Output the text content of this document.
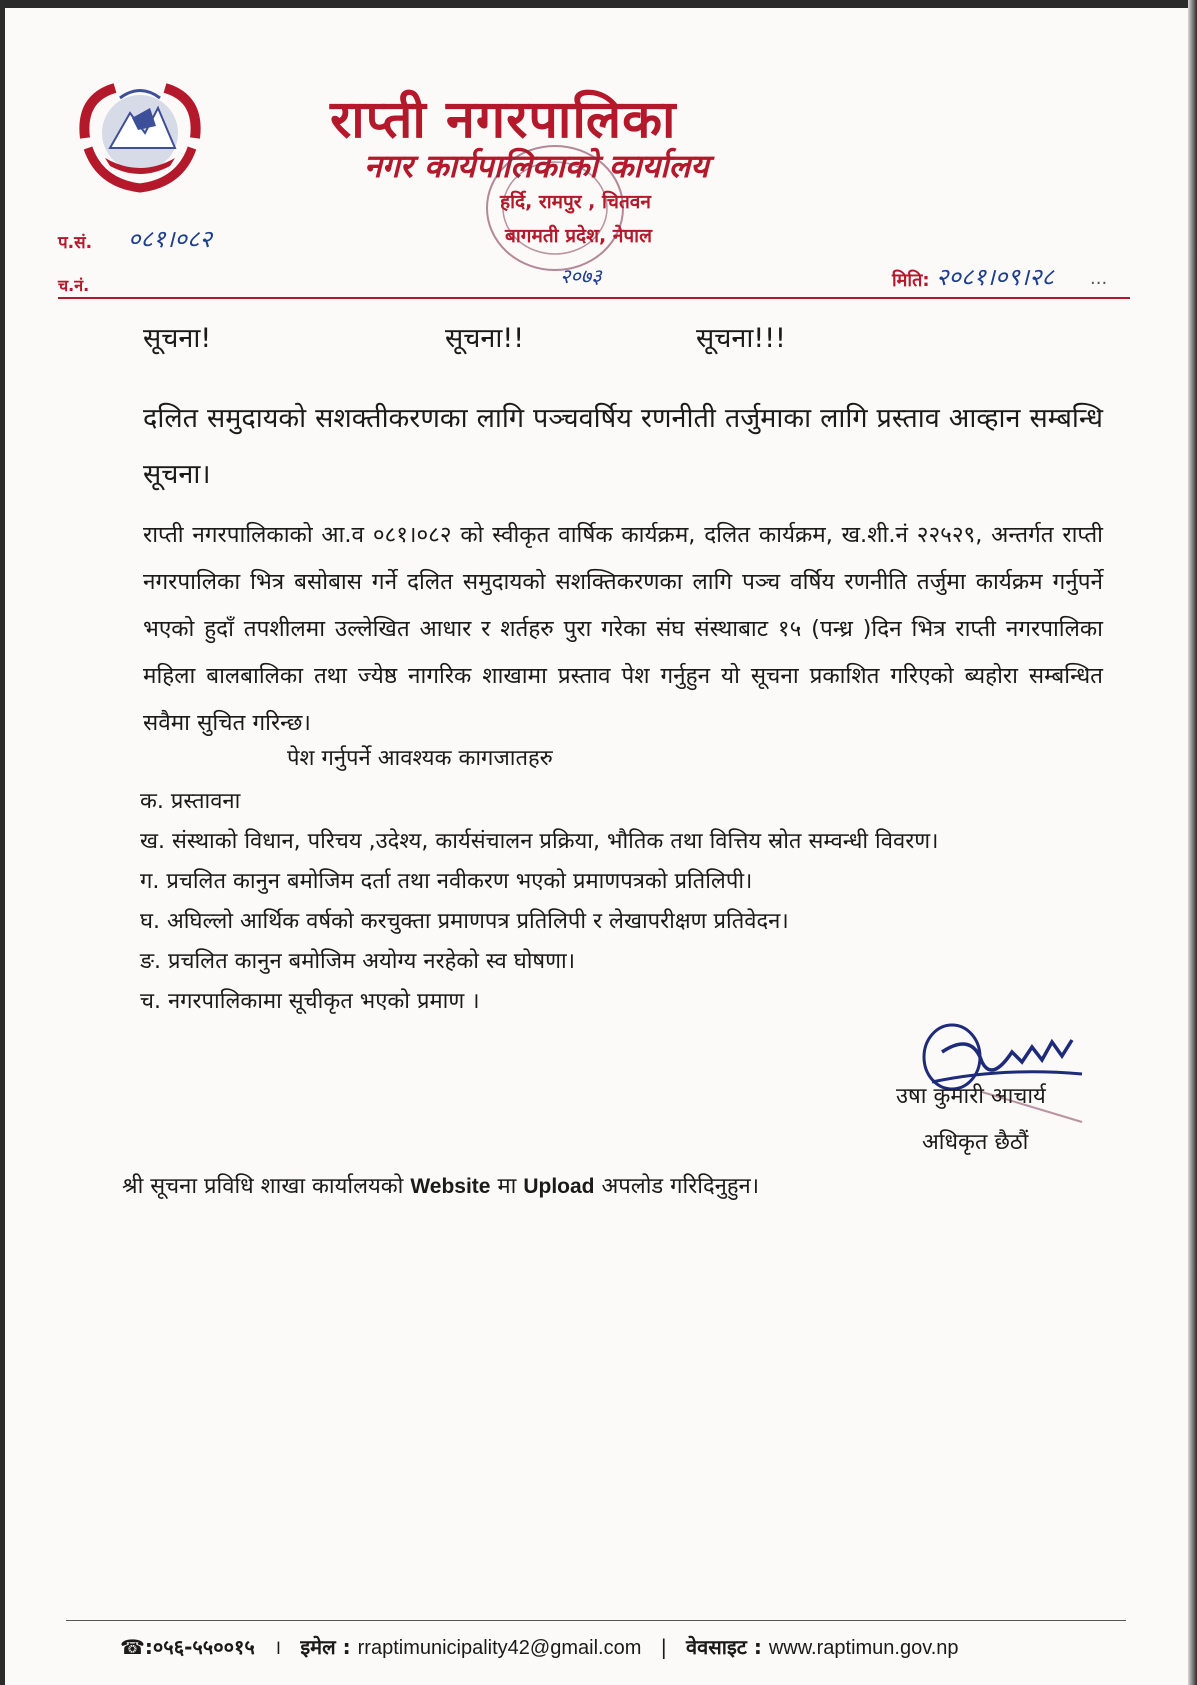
राप्ती नगरपालिका
नगर कार्यपालिकाको कार्यालय
हर्दि, रामपुर , चितवन
बागमती प्रदेश, नेपाल
प.सं. ०८१।०८२
च.नं.	२०७३	मिति: २०८१।०९।२८ ...
सूचना!	सूचना!!	सूचना!!!
दलित समुदायको सशक्तीकरणका लागि पञ्चवर्षिय रणनीती तर्जुमाका लागि प्रस्ताव आव्हान सम्बन्धि सूचना।
राप्ती नगरपालिकाको आ.व ०८१।०८२ को स्वीकृत वार्षिक कार्यक्रम, दलित कार्यक्रम, ख.शी.नं २२५२९, अन्तर्गत राप्ती नगरपालिका भित्र बसोबास गर्ने दलित समुदायको सशक्तिकरणका लागि पञ्च वर्षिय रणनीति तर्जुमा कार्यक्रम गर्नुपर्ने भएको हुदाँ तपशीलमा उल्लेखित आधार र शर्तहरु पुरा गरेका संघ संस्थाबाट १५ (पन्ध्र )दिन भित्र राप्ती नगरपालिका महिला बालबालिका तथा ज्येष्ठ नागरिक शाखामा प्रस्ताव पेश गर्नुहुन यो सूचना प्रकाशित गरिएको ब्यहोरा सम्बन्धित सवैमा सुचित गरिन्छ।
पेश गर्नुपर्ने आवश्यक कागजातहरु
क. प्रस्तावना
ख. संस्थाको विधान, परिचय ,उदेश्य, कार्यसंचालन प्रक्रिया, भौतिक तथा वित्तिय स्रोत सम्वन्धी विवरण।
ग. प्रचलित कानुन बमोजिम दर्ता तथा नवीकरण भएको प्रमाणपत्रको प्रतिलिपी।
घ. अघिल्लो आर्थिक वर्षको करचुक्ता प्रमाणपत्र प्रतिलिपी र लेखापरीक्षण प्रतिवेदन।
ङ. प्रचलित कानुन बमोजिम अयोग्य नरहेको स्व घोषणा।
च. नगरपालिकामा सूचीकृत भएको प्रमाण ।
उषा कुमारी आचार्य
अधिकृत छैठौं
श्री सूचना प्रविधि शाखा कार्यालयको Website मा Upload अपलोड गरिदिनुहुन।
☎:०५६-५५००१५ । इमेल : rraptimunicipality42@gmail.com | वेवसाइट : www.raptimun.gov.np
